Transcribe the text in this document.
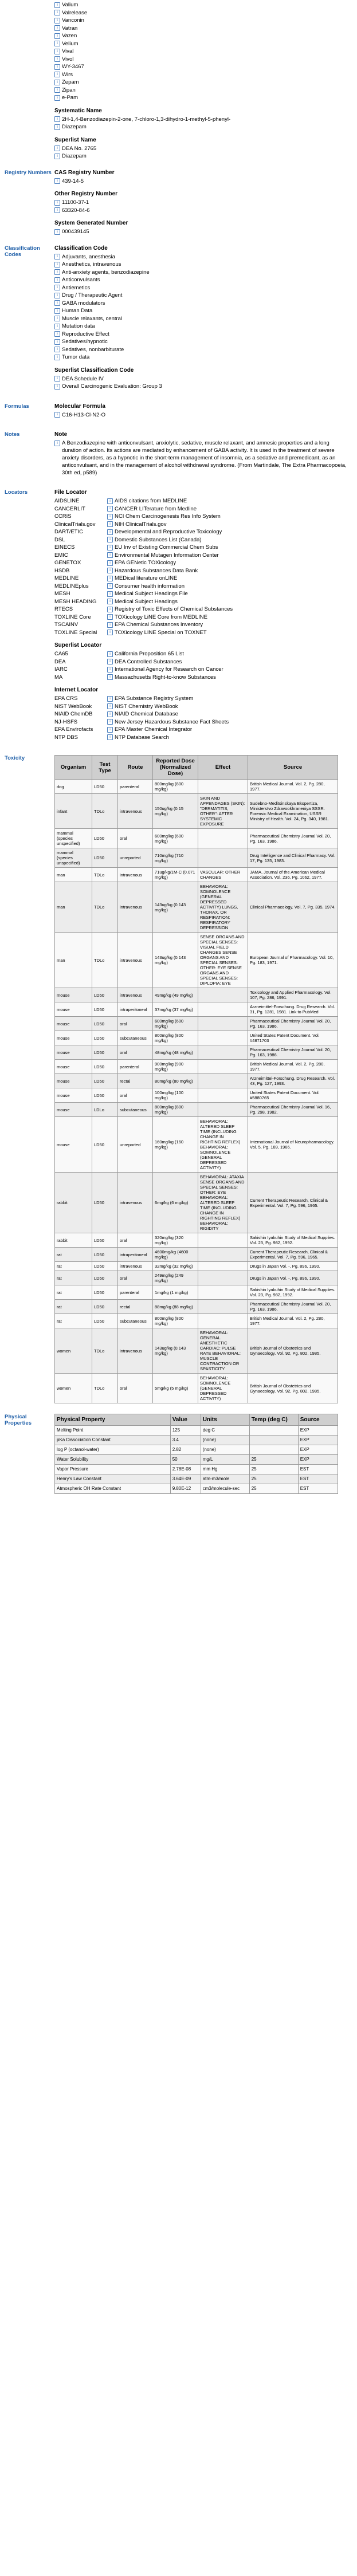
i Valium
i Valrelease
i Vanconin
i Vatran
i Vazen
i Velium
i Vival
i Vivol
i WY-3467
i Wirs
i Zepam
i Zipan
i e-Pam
Systematic Name
i 2H-1,4-Benzodiazepin-2-one, 7-chloro-1,3-dihydro-1-methyl-5-phenyl-
i Diazepam
Superlist Name
i DEA No. 2765
i Diazepam
Registry Numbers CAS Registry Number
i 439-14-5
Other Registry Number
i 11100-37-1
i 63320-84-6
System Generated Number
i 000439145
Classification Codes
Classification Code
i Adjuvants, anesthesia
i Anesthetics, intravenous
i Anti-anxiety agents, benzodiazepine
i Anticonvulsants
i Antiemetics
i Drug / Therapeutic Agent
i GABA modulators
i Human Data
i Muscle relaxants, central
i Mutation data
i Reproductive Effect
i Sedatives/hypnotic
i Sedatives, nonbarbiturate
i Tumor data
Superlist Classification Code
i DEA Schedule IV
i Overall Carcinogenic Evaluation: Group 3
Formulas	Molecular Formula
i C16-H13-Cl-N2-O
Notes	Note
i A Benzodiazepine with anticonvulsant, anxiolytic, sedative, muscle relaxant, and amnesic properties and a long duration of action. Its actions are mediated by enhancement of GABA activity. It is used in the treatment of severe anxiety disorders, as a hypnotic in the short-term management of insomnia, as a sedative and premedicant, as an anticonvulsant, and in the management of alcohol withdrawal syndrome. (From Martindale, The Extra Pharmacopoeia, 30th ed, p589)
Locators	File Locator
AIDSLINE	i AIDS citations from MEDLINE
CANCERLIT	i CANCER LITerature from Medline
CCRIS	i NCI Chem Carcinogenesis Res Info System
ClinicalTrials.gov	i NIH ClinicalTrials.gov
DART/ETIC	i Developmental and Reproductive Toxicology
DSL	i Domestic Substances List (Canada)
EINECS	i EU Inv of Existing Commercial Chem Subs
EMIC	i Environmental Mutagen Information Center
GENETOX	i EPA GENetic TOXicology
HSDB	i Hazardous Substances Data Bank
MEDLINE	i MEDical literature onLINE
MEDLINEplus	i Consumer health information
MESH	i Medical Subject Headings File
MESH HEADING	i Medical Subject Headings
RTECS	i Registry of Toxic Effects of Chemical Substances
TOXLINE Core	i TOXicology LiNE Core from MEDLINE
TSCAINV	i EPA Chemical Substances Inventory
TOXLINE Special	i TOXicology LINE Special on TOXNET
Superlist Locator
CA65	i California Proposition 65 List
DEA	i DEA Controlled Substances
IARC	i International Agency for Research on Cancer
MA	i Massachusetts Right-to-know Substances
Internet Locator
EPA CRS	i EPA Substance Registry System
NIST WebBook	i NIST Chemistry WebBook
NIAID ChemDB	i NIAID Chemical Database
NJ-HSFS	i New Jersey Hazardous Substance Fact Sheets
EPA Envirofacts	i EPA Master Chemical Integrator
NTP DBS	i NTP Database Search
Toxicity
Organism	Test Type	Route	Reported Dose (Normalized Dose)	Effect	Source
dog	LD50	parenteral	800mg/kg (800 mg/kg)		British Medical Journal. Vol. 2, Pg. 280, 1977.
infant	TDLo	intravenous	150ug/kg (0.15 mg/kg)	SKIN AND APPENDAGES (SKIN): "DERMATITIS, OTHER": AFTER SYSTEMIC EXPOSURE	Sudebno-Meditsinskaya Ekspertiza, Ministerstvo Zdravookhraneniya SSSR. Forensic Medical Examination, USSR Ministry of Health. Vol. 24, Pg. 340, 1981.
mammal (species unspecified)	LD50	oral	600mg/kg (600 mg/kg)		Pharmaceutical Chemistry Journal Vol. 20, Pg. 163, 1986.
mammal (species unspecified)	LD50	unreported	710mg/kg (710 mg/kg)		Drug Intelligence and Clinical Pharmacy. Vol. 17, Pg. 135, 1983.
man	TDLo	intravenous	71ug/kg/1M-C (0.071 mg/kg)	VASCULAR: OTHER CHANGES	JAMA, Journal of the American Medical Association. Vol. 236, Pg. 1062, 1977.
man	TDLo	intravenous	143ug/kg (0.143 mg/kg)	BEHAVIORAL: SOMNOLENCE (GENERAL DEPRESSED ACTIVITY) LUNGS, THORAX, OR RESPIRATION: RESPIRATORY DEPRESSION	Clinical Pharmacology. Vol. 7, Pg. 335, 1974.
man	TDLo	intravenous	143ug/kg (0.143 mg/kg)	SENSE ORGANS AND SPECIAL SENSES: VISUAL FIELD CHANGES SENSE ORGANS AND SPECIAL SENSES: OTHER: EYE SENSE ORGANS AND SPECIAL SENSES: DIPLOPIA: EYE	European Journal of Pharmacology. Vol. 10, Pg. 183, 1971.
mouse	LD50	intravenous	49mg/kg (49 mg/kg)		Toxicology and Applied Pharmacology. Vol. 107, Pg. 286, 1991.
mouse	LD50	intraperitoneal	37mg/kg (37 mg/kg)		Arzneimittel-Forschung. Drug Research. Vol. 31, Pg. 1281, 1981. Link to PubMed
mouse	LD50	oral	600mg/kg (600 mg/kg)		Pharmaceutical Chemistry Journal Vol. 20, Pg. 163, 1986.
mouse	LD50	subcutaneous	800mg/kg (800 mg/kg)		United States Patent Document. Vol. #4871703
mouse	LD50	oral	48mg/kg (48 mg/kg)		Pharmaceutical Chemistry Journal Vol. 20, Pg. 163, 1986.
mouse	LD50	parenteral	900mg/kg (900 mg/kg)		British Medical Journal. Vol. 2, Pg. 280, 1977.
mouse	LD50	rectal	80mg/kg (80 mg/kg)		Arzneimittel-Forschung. Drug Research. Vol. 43, Pg. 127, 1993.
mouse	LD50	oral	100mg/kg (100 mg/kg)		United States Patent Document. Vol. #5880765
mouse	LDLo	subcutaneous	800mg/kg (800 mg/kg)		Pharmaceutical Chemistry Journal Vol. 16, Pg. 298, 1982.
mouse	LD50	unreported	160mg/kg (160 mg/kg)	BEHAVIORAL: ALTERED SLEEP TIME (INCLUDING CHANGE IN RIGHTING REFLEX) BEHAVIORAL: SOMNOLENCE (GENERAL DEPRESSED ACTIVITY)	International Journal of Neuropharmacology. Vol. 5, Pg. 189, 1966.
rabbit	LD50	intravenous	6mg/kg (6 mg/kg)	BEHAVIORAL: ATAXIA SENSE ORGANS AND SPECIAL SENSES: OTHER: EYE BEHAVIORAL: ALTERED SLEEP TIME (INCLUDING CHANGE IN RIGHTING REFLEX) BEHAVIORAL: RIGIDITY	Current Therapeutic Research, Clinical & Experimental. Vol. 7, Pg. 596, 1965.
rabbit	LD50	oral	320mg/kg (320 mg/kg)		Sakishin Iyakuhin Study of Medical Supplies. Vol. 23, Pg. 982, 1992.
rat	LD50	intraperitoneal	4600mg/kg (4600 mg/kg)		Current Therapeutic Research, Clinical & Experimental. Vol. 7, Pg. 596, 1965.
rat	LD50	intravenous	32mg/kg (32 mg/kg)		Drugs in Japan Vol. -, Pg. 896, 1990.
rat	LD50	oral	249mg/kg (249 mg/kg)		Drugs in Japan Vol. -, Pg. 896, 1990.
rat	LD50	parenteral	1mg/kg (1 mg/kg)		Sakishin Iyakuhin Study of Medical Supplies. Vol. 23, Pg. 982, 1992.
rat	LD50	rectal	88mg/kg (88 mg/kg)		Pharmaceutical Chemistry Journal Vol. 20, Pg. 163, 1986.
rat	LD50	subcutaneous	800mg/kg (800 mg/kg)		British Medical Journal. Vol. 2, Pg. 280, 1977.
women	TDLo	intravenous	143ug/kg (0.143 mg/kg)	BEHAVIORAL: GENERAL ANESTHETIC CARDIAC: PULSE RATE BEHAVIORAL: MUSCLE CONTRACTION OR SPASTICITY	British Journal of Obstetrics and Gynaecology. Vol. 92, Pg. 802, 1985.
women	TDLo	oral	5mg/kg (5 mg/kg)	BEHAVIORAL: SOMNOLENCE (GENERAL DEPRESSED ACTIVITY)	British Journal of Obstetrics and Gynaecology. Vol. 92, Pg. 802, 1985.
Physical Properties
Physical Property	Value	Units	Temp (deg C)	Source
Melting Point	125	deg C		EXP
pKa Dissociation Constant	3.4	(none)		EXP
log P (octanol-water)	2.82	(none)		EXP
Water Solubility	50	mg/L	25	EXP
Vapor Pressure	2.78E-08	mm Hg	25	EST
Henry's Law Constant	3.64E-09	atm-m3/mole	25	EST
Atmospheric OH Rate Constant	9.80E-12	cm3/molecule-sec	25	EST
